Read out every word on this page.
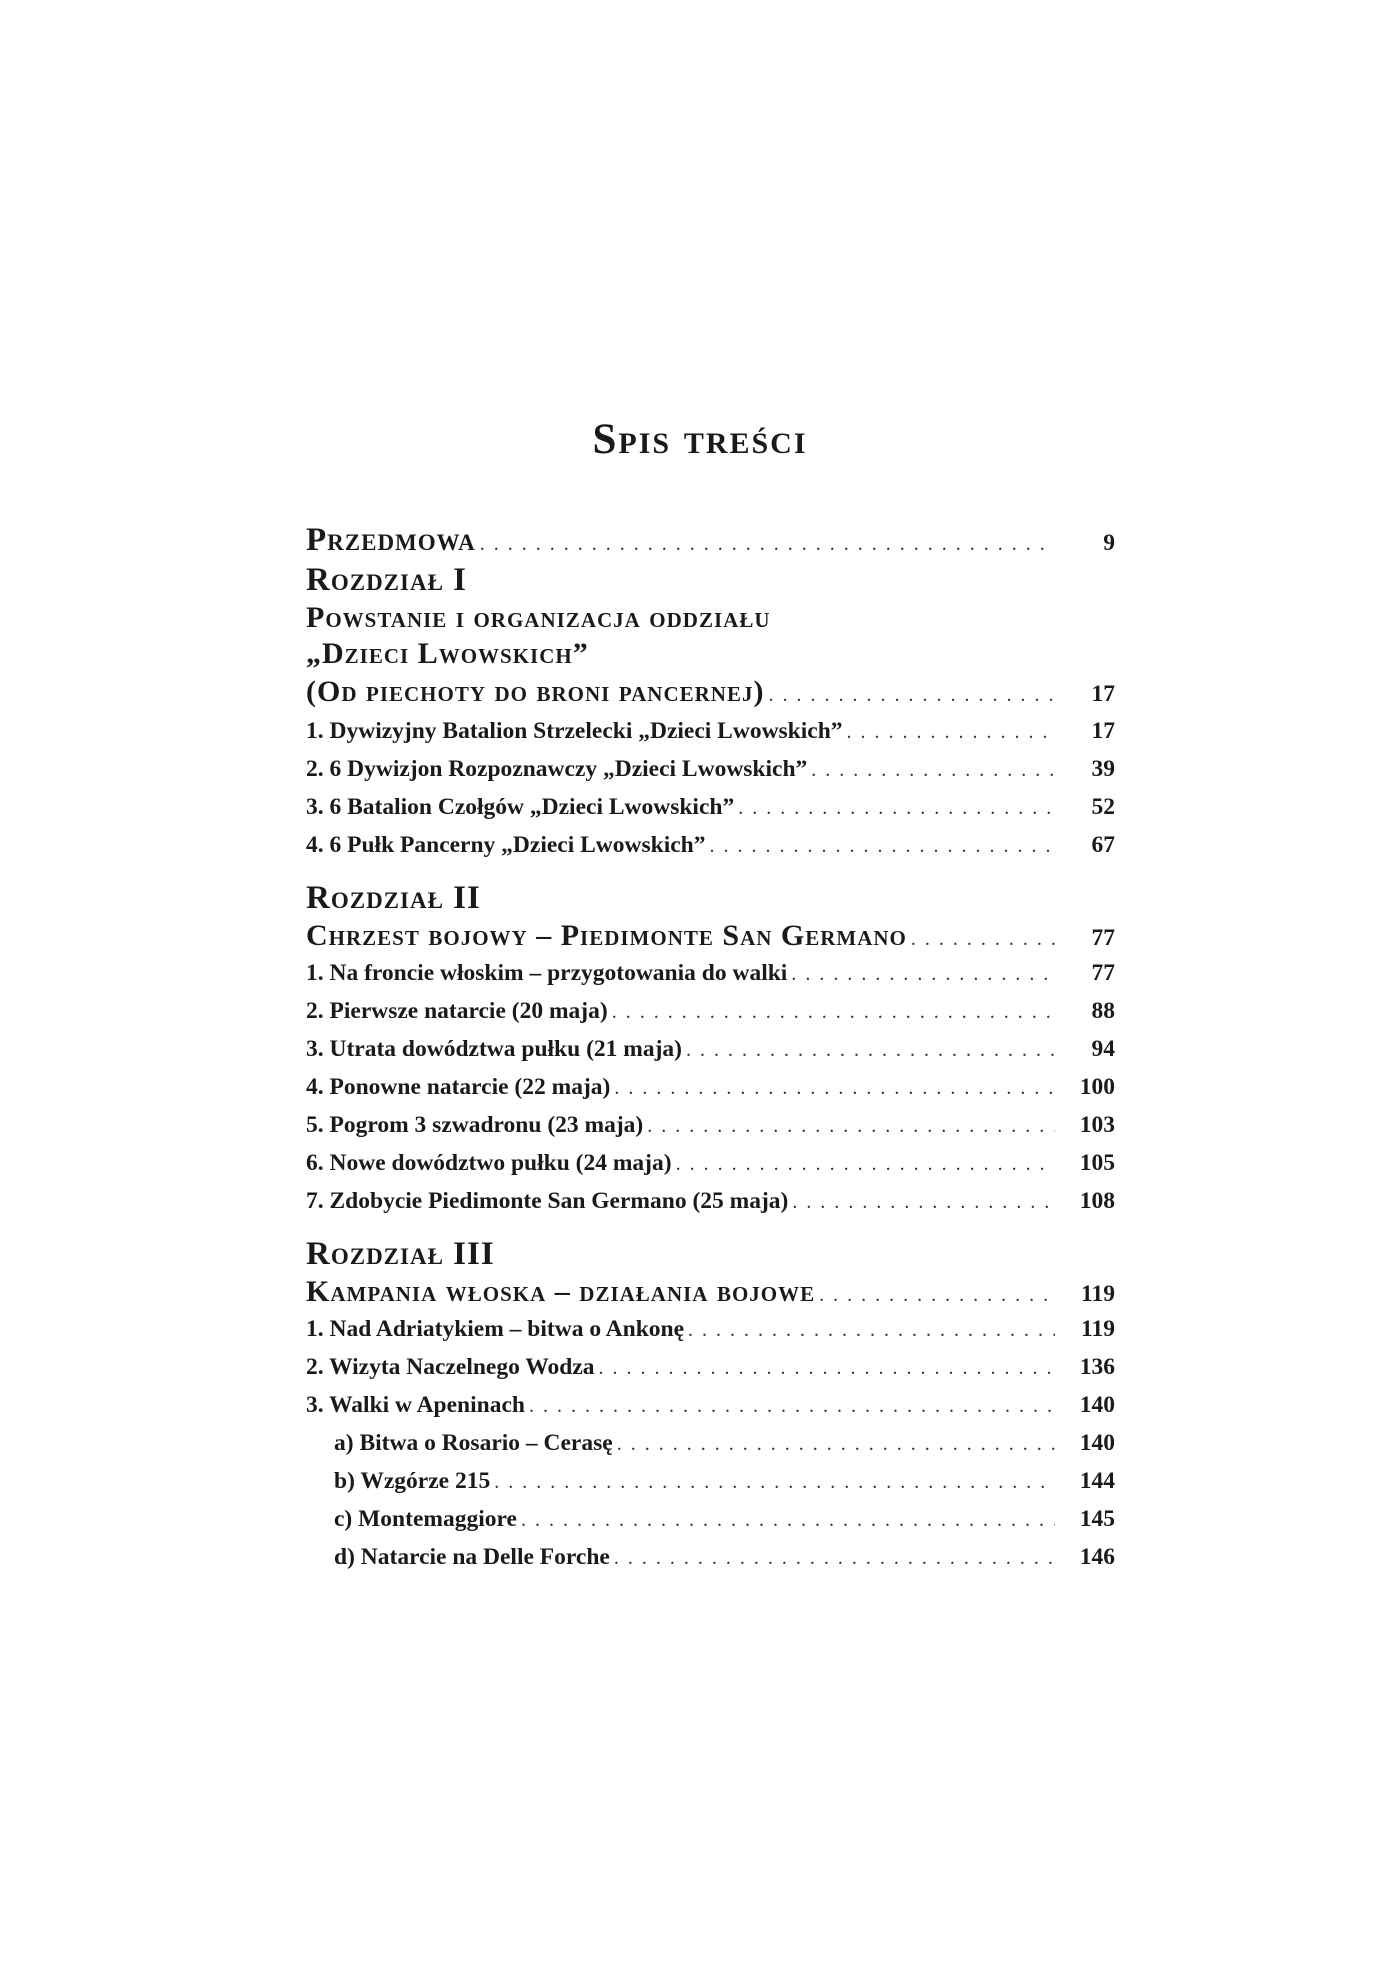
Spis treści
Przedmowa . . .	9
Rozdział I
Powstanie i organizacja oddziału
„Dzieci Lwowskich”
(Od piechoty do broni pancernej) . . .	17
1. Dywizyjny Batalion Strzelecki „Dzieci Lwowskich” . . .	17
2. 6 Dywizjon Rozpoznawczy „Dzieci Lwowskich” . . .	39
3. 6 Batalion Czołgów „Dzieci Lwowskich” . . .	52
4. 6 Pułk Pancerny „Dzieci Lwowskich” . . .	67
Rozdział II
Chrzest bojowy – Piedimonte San Germano . . .	77
1. Na froncie włoskim – przygotowania do walki . . .	77
2. Pierwsze natarcie (20 maja) . . .	88
3. Utrata dowództwa pułku (21 maja) . . .	94
4. Ponowne natarcie (22 maja) . . .	100
5. Pogrom 3 szwadronu (23 maja) . . .	103
6. Nowe dowództwo pułku (24 maja) . . .	105
7. Zdobycie Piedimonte San Germano (25 maja) . . .	108
Rozdział III
Kampania włoska – działania bojowe . . .	119
1. Nad Adriatykiem – bitwa o Ankonę . . .	119
2. Wizyta Naczelnego Wodza . . .	136
3. Walki w Apeninach . . .	140
a) Bitwa o Rosario – Cerasę . . .	140
b) Wzgórze 215 . . .	144
c) Montemaggiore . . .	145
d) Natarcie na Delle Forche . . .	146
